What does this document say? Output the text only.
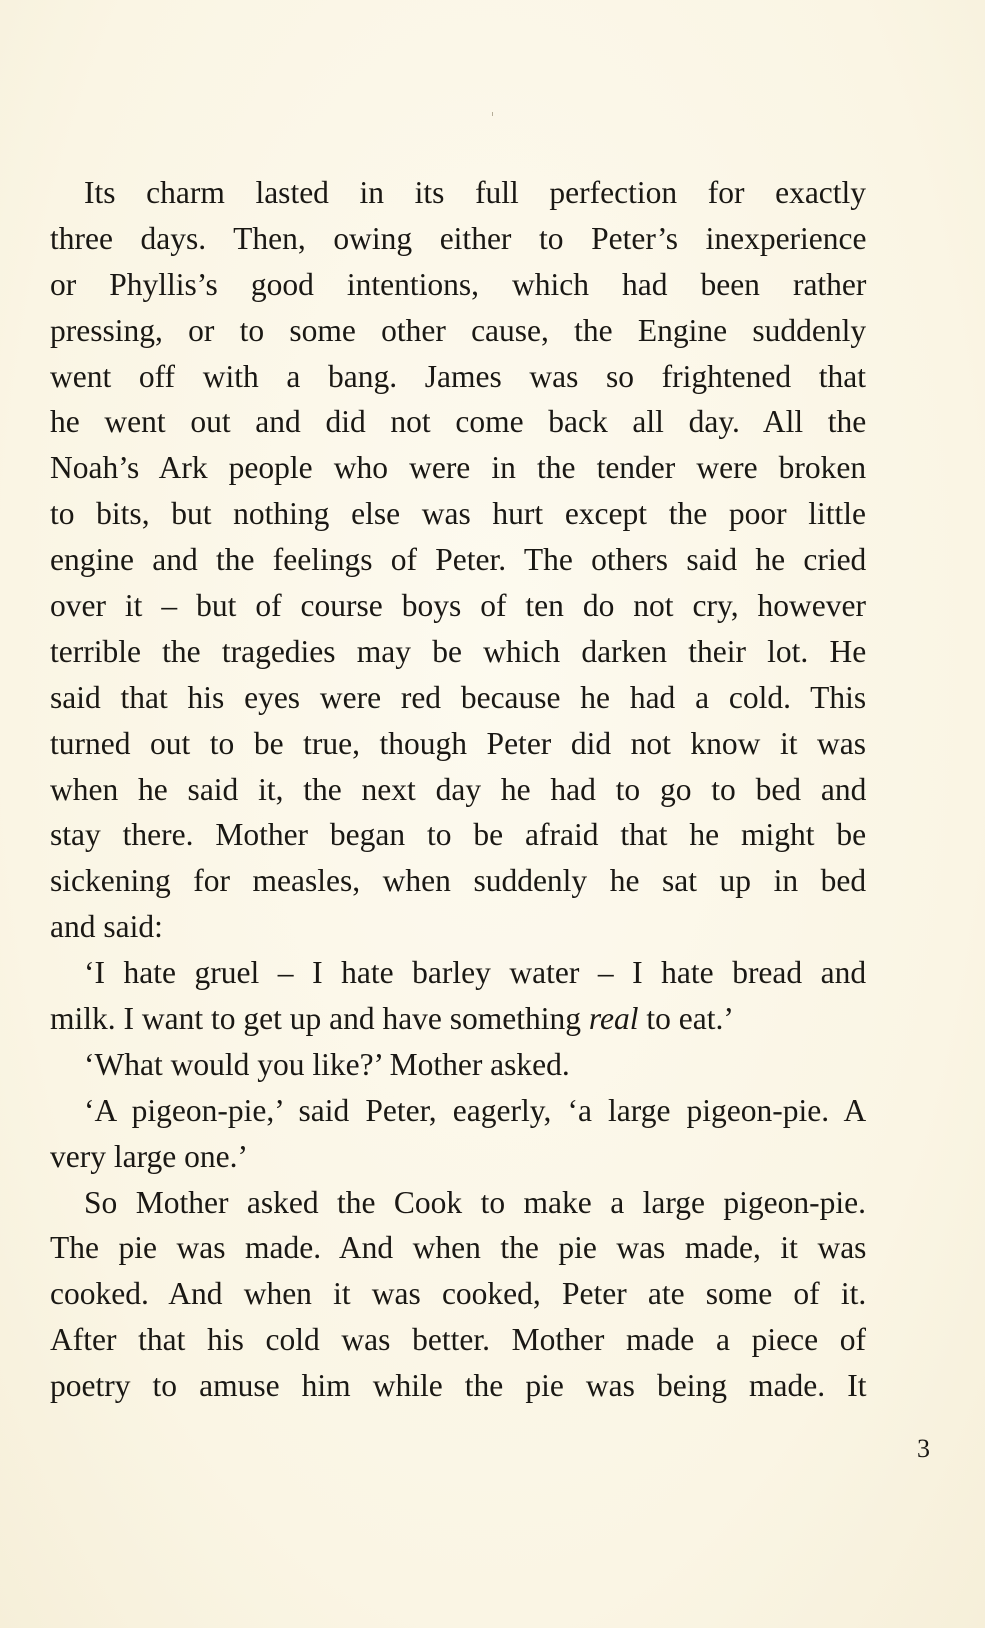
Its charm lasted in its full perfection for exactly
three days. Then, owing either to Peter’s inexperience
or Phyllis’s good intentions, which had been rather
pressing, or to some other cause, the Engine suddenly
went off with a bang. James was so frightened that
he went out and did not come back all day. All the
Noah’s Ark people who were in the tender were broken
to bits, but nothing else was hurt except the poor little
engine and the feelings of Peter. The others said he cried
over it – but of course boys of ten do not cry, however
terrible the tragedies may be which darken their lot. He
said that his eyes were red because he had a cold. This
turned out to be true, though Peter did not know it was
when he said it, the next day he had to go to bed and
stay there. Mother began to be afraid that he might be
sickening for measles, when suddenly he sat up in bed
and said:
‘I hate gruel – I hate barley water – I hate bread and
milk. I want to get up and have something real to eat.’
‘What would you like?’ Mother asked.
‘A pigeon-pie,’ said Peter, eagerly, ‘a large pigeon-pie. A
very large one.’
So Mother asked the Cook to make a large pigeon-pie.
The pie was made. And when the pie was made, it was
cooked. And when it was cooked, Peter ate some of it.
After that his cold was better. Mother made a piece of
poetry to amuse him while the pie was being made. It
3
